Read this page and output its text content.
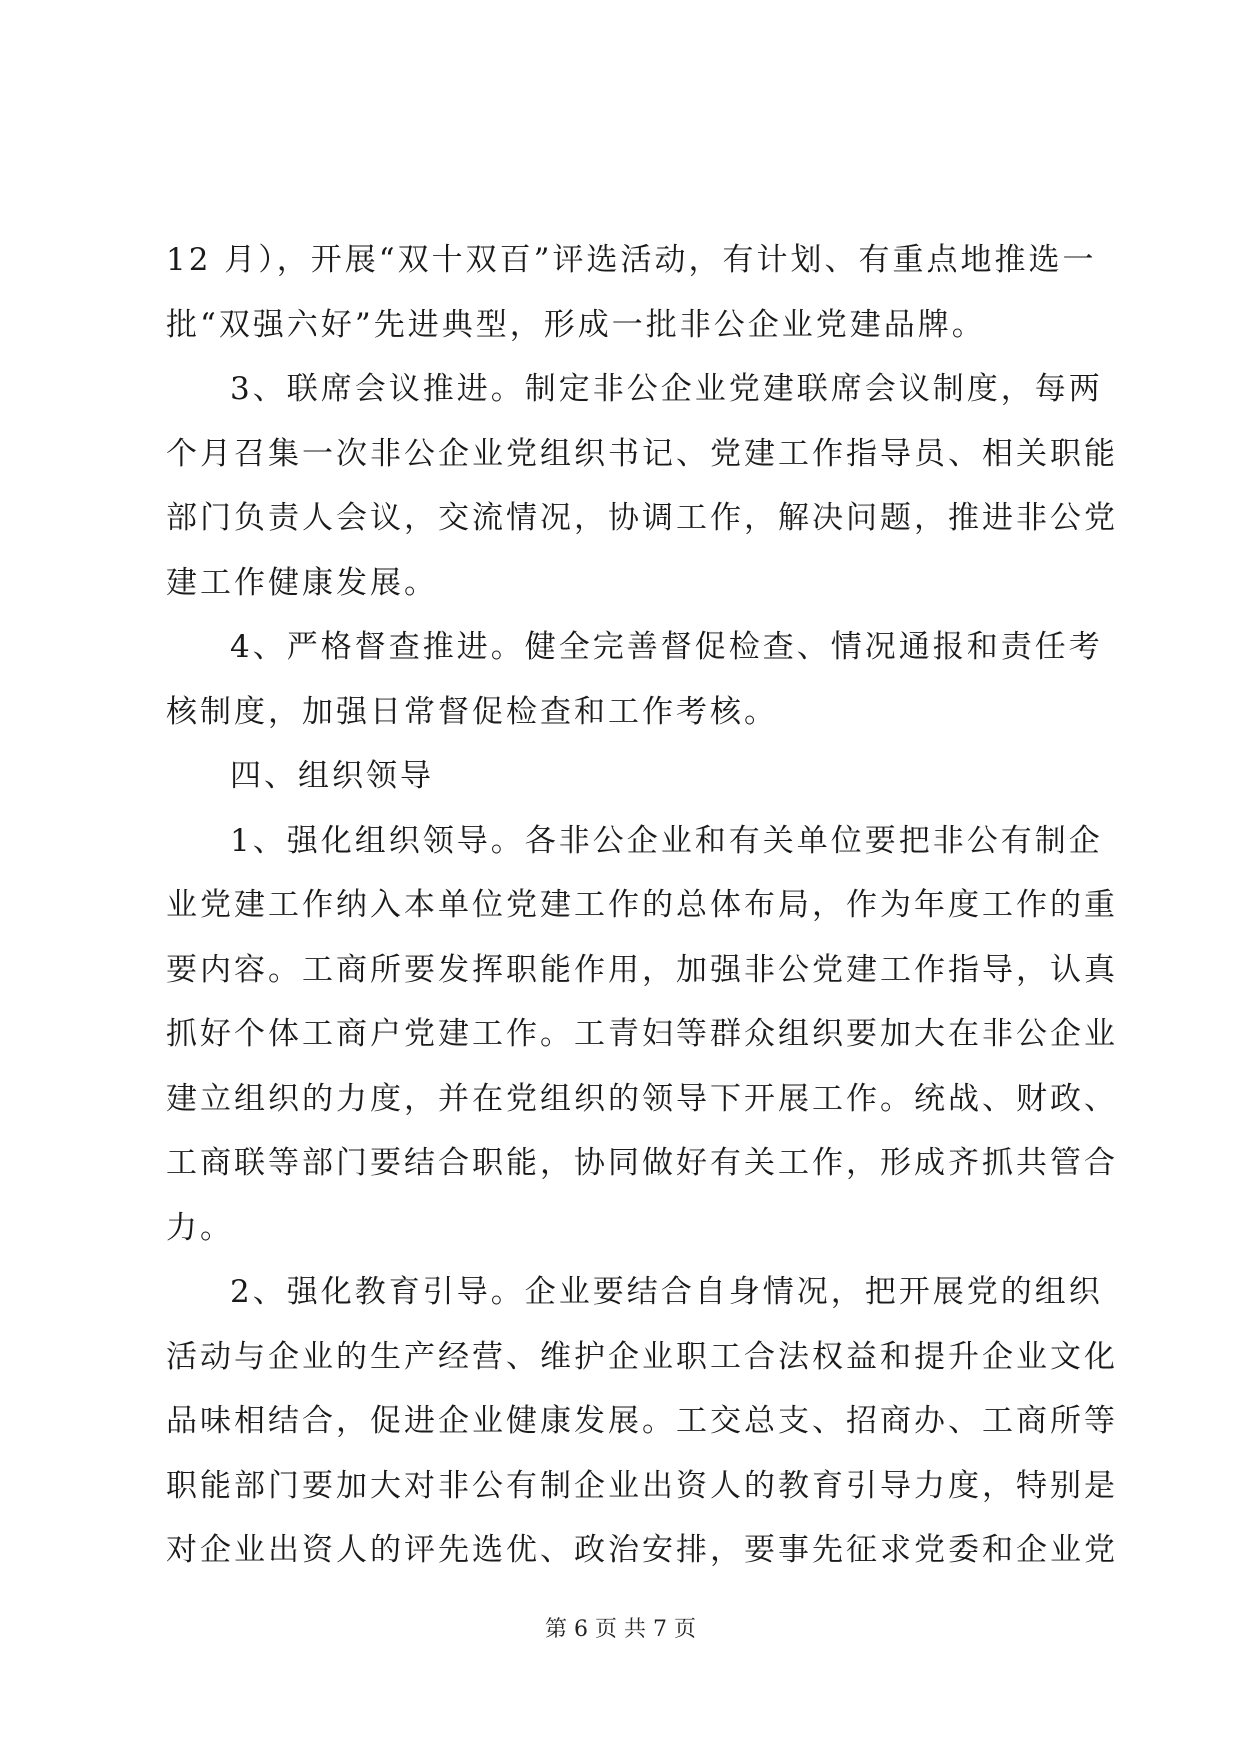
12 月），开展“双十双百”评选活动，有计划、有重点地推选一
批“双强六好”先进典型，形成一批非公企业党建品牌。
3、联席会议推进。制定非公企业党建联席会议制度，每两
个月召集一次非公企业党组织书记、党建工作指导员、相关职能
部门负责人会议，交流情况，协调工作，解决问题，推进非公党
建工作健康发展。
4、严格督查推进。健全完善督促检查、情况通报和责任考
核制度，加强日常督促检查和工作考核。
四、组织领导
1、强化组织领导。各非公企业和有关单位要把非公有制企
业党建工作纳入本单位党建工作的总体布局，作为年度工作的重
要内容。工商所要发挥职能作用，加强非公党建工作指导，认真
抓好个体工商户党建工作。工青妇等群众组织要加大在非公企业
建立组织的力度，并在党组织的领导下开展工作。统战、财政、
工商联等部门要结合职能，协同做好有关工作，形成齐抓共管合
力。
2、强化教育引导。企业要结合自身情况，把开展党的组织
活动与企业的生产经营、维护企业职工合法权益和提升企业文化
品味相结合，促进企业健康发展。工交总支、招商办、工商所等
职能部门要加大对非公有制企业出资人的教育引导力度，特别是
对企业出资人的评先选优、政治安排，要事先征求党委和企业党
第 6 页 共 7 页
